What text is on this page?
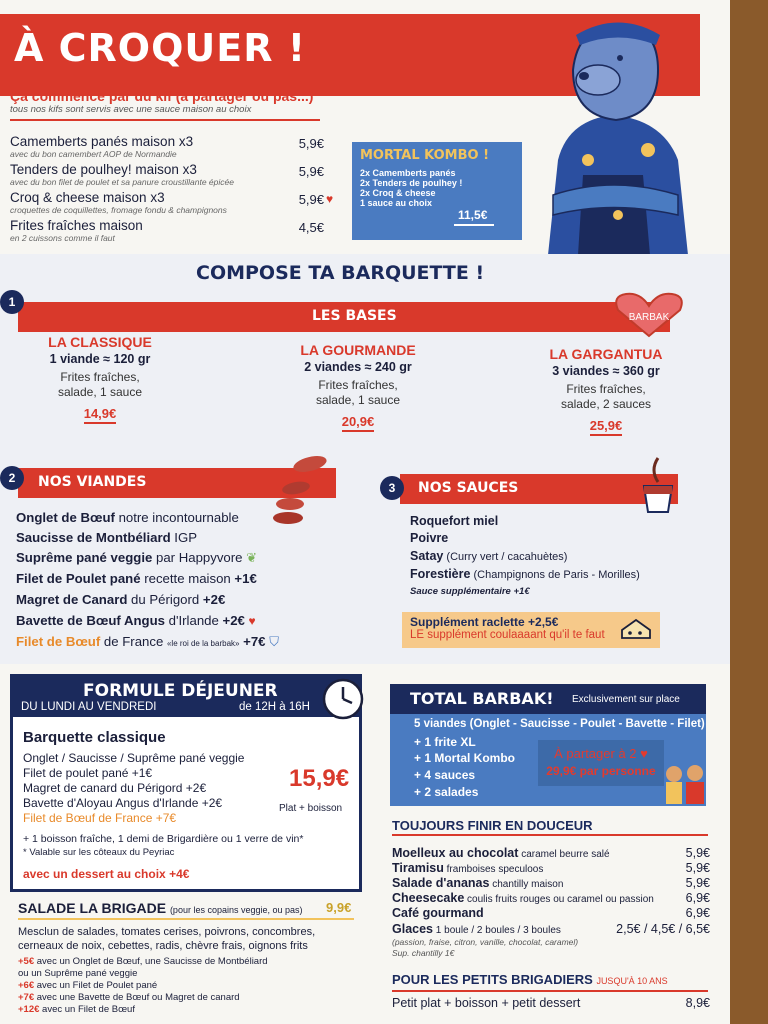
À CROQUER !
Ça commence par du kif (à partager ou pas...)
tous nos kifs sont servis avec une sauce maison au choix
Camemberts panés maison x3
avec du bon camembert AOP de Normandie
5,9€
Tenders de poulhey! maison x3
avec du bon filet de poulet et sa panure croustillante épicée
5,9€
Croq & cheese maison x3
croquettes de coquillettes, fromage fondu & champignons
5,9€ ♥
Frites fraîches maison
en 2 cuissons comme il faut
4,5€
MORTAL KOMBO !
2x Camemberts panés
2x Tenders de poulhey !
2x Croq & cheese
1 sauce au choix
11,5€
COMPOSE TA BARQUETTE !
LES BASES
1
BARBAK
LA CLASSIQUE
1 viande ≈ 120 gr
Frites fraîches,
salade, 1 sauce
14,9€
LA GOURMANDE
2 viandes ≈ 240 gr
Frites fraîches,
salade, 1 sauce
20,9€
LA GARGANTUA
3 viandes ≈ 360 gr
Frites fraîches,
salade, 2 sauces
25,9€
NOS VIANDES
2
Onglet de Bœuf notre incontournable
Saucisse de Montbéliard IGP
Suprême pané veggie par Happyvore ❦
Filet de Poulet pané recette maison +1€
Magret de Canard du Périgord +2€
Bavette de Bœuf Angus d'Irlande +2€ ♥
Filet de Bœuf de France «le roi de la barbak» +7€ ⛉
NOS SAUCES
3
Roquefort miel
Poivre
Satay (Curry vert / cacahuètes)
Forestière (Champignons de Paris - Morilles)
Sauce supplémentaire +1€
Supplément raclette +2,5€
LE supplément coulaaaant qu'il te faut
FORMULE DÉJEUNER
DU LUNDI AU VENDREDI	de 12H à 16H
Barquette classique
Onglet / Saucisse / Suprême pané veggie
Filet de poulet pané +1€
Magret de canard du Périgord +2€
Bavette d'Aloyau Angus d'Irlande +2€
Filet de Bœuf de France +7€
15,9€
Plat + boisson
+ 1 boisson fraîche, 1 demi de Brigardière ou 1 verre de vin*
* Valable sur les côteaux du Peyriac
avec un dessert au choix +4€
TOTAL BARBAK! Exclusivement sur place
5 viandes (Onglet - Saucisse - Poulet - Bavette - Filet)
+ 1 frite XL
+ 1 Mortal Kombo
+ 4 sauces
+ 2 salades
À partager à 2 ♥
29,9€ par personne
TOUJOURS FINIR EN DOUCEUR
Moelleux au chocolat caramel beurre salé	5,9€
Tiramisu framboises speculoos	5,9€
Salade d'ananas chantilly maison	5,9€
Cheesecake coulis fruits rouges ou caramel ou passion	6,9€
Café gourmand	6,9€
Glaces 1 boule / 2 boules / 3 boules	2,5€ / 4,5€ / 6,5€
(passion, fraise, citron, vanille, chocolat, caramel)
Sup. chantilly 1€
SALADE LA BRIGADE (pour les copains veggie, ou pas) 9,9€
Mesclun de salades, tomates cerises, poivrons, concombres,
cerneaux de noix, cebettes, radis, chèvre frais, oignons frits
+5€ avec un Onglet de Bœuf, une Saucisse de Montbéliard
ou un Suprême pané veggie
+6€ avec un Filet de Poulet pané
+7€ avec une Bavette de Bœuf ou Magret de canard
+12€ avec un Filet de Bœuf
POUR LES PETITS BRIGADIERS JUSQU'À 10 ANS
Petit plat + boisson + petit dessert	8,9€
